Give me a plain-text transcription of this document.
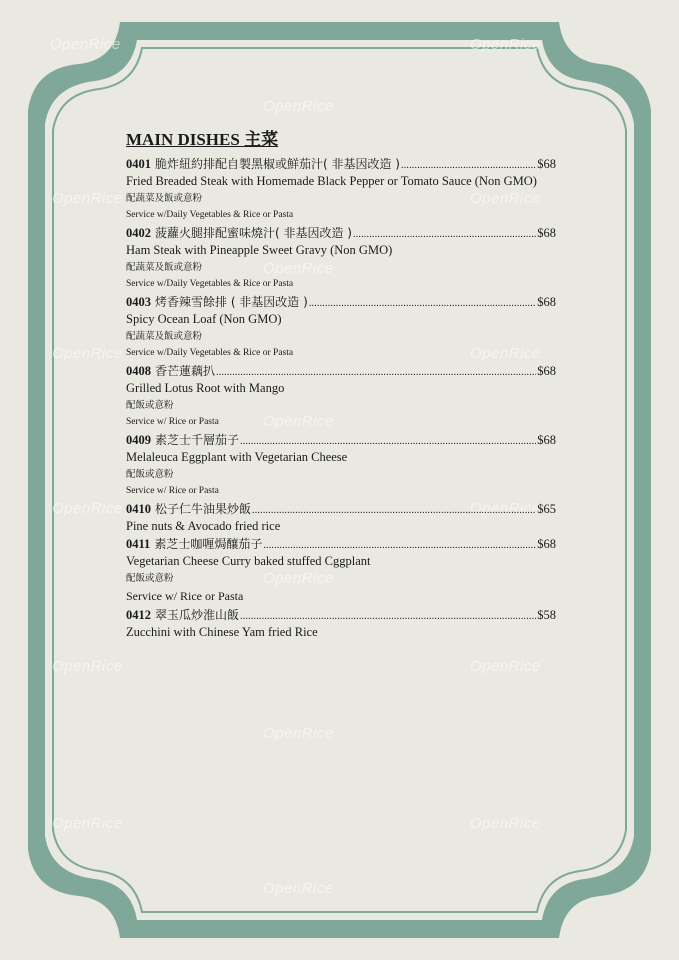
OpenRice	OpenRice
OpenRice
OpenRice	OpenRice
OpenRice
OpenRice	OpenRice
OpenRice
OpenRice	OpenRice
OpenRice
OpenRice	OpenRice
OpenRice
OpenRice	OpenRice
OpenRice
MAIN DISHES 主菜
0401 脆炸紐約排配自製黑椒或鮮茄汁( 非基因改造 ) .....	$68
Fried Breaded Steak with Homemade Black Pepper or Tomato Sauce (Non GMO)
配蔬菜及飯或意粉
Service w/Daily Vegetables & Rice or Pasta
0402 菠蘿火腿排配蜜味燒汁( 非基因改造 ) .....	$68
Ham Steak with Pineapple Sweet Gravy (Non GMO)
配蔬菜及飯或意粉
Service w/Daily Vegetables & Rice or Pasta
0403 烤香辣雪餘排 ( 非基因改造 ) .....	$68
Spicy Ocean Loaf (Non GMO)
配蔬菜及飯或意粉
Service w/Daily Vegetables & Rice or Pasta
0408 香芒蓮藕扒 .....	$68
Grilled Lotus Root with Mango
配飯或意粉
Service w/ Rice or Pasta
0409 素芝士千層茄子 .....	$68
Melaleuca Eggplant with Vegetarian Cheese
配飯或意粉
Service w/ Rice or Pasta
0410 松子仁牛油果炒飯 .....	$65
Pine nuts & Avocado fried rice
0411 素芝士咖喱焗釀茄子 .....	$68
Vegetarian Cheese Curry baked stuffed Cggplant
配飯或意粉
Service w/ Rice or Pasta
0412 翠玉瓜炒淮山飯 .....	$58
Zucchini with Chinese Yam fried Rice
